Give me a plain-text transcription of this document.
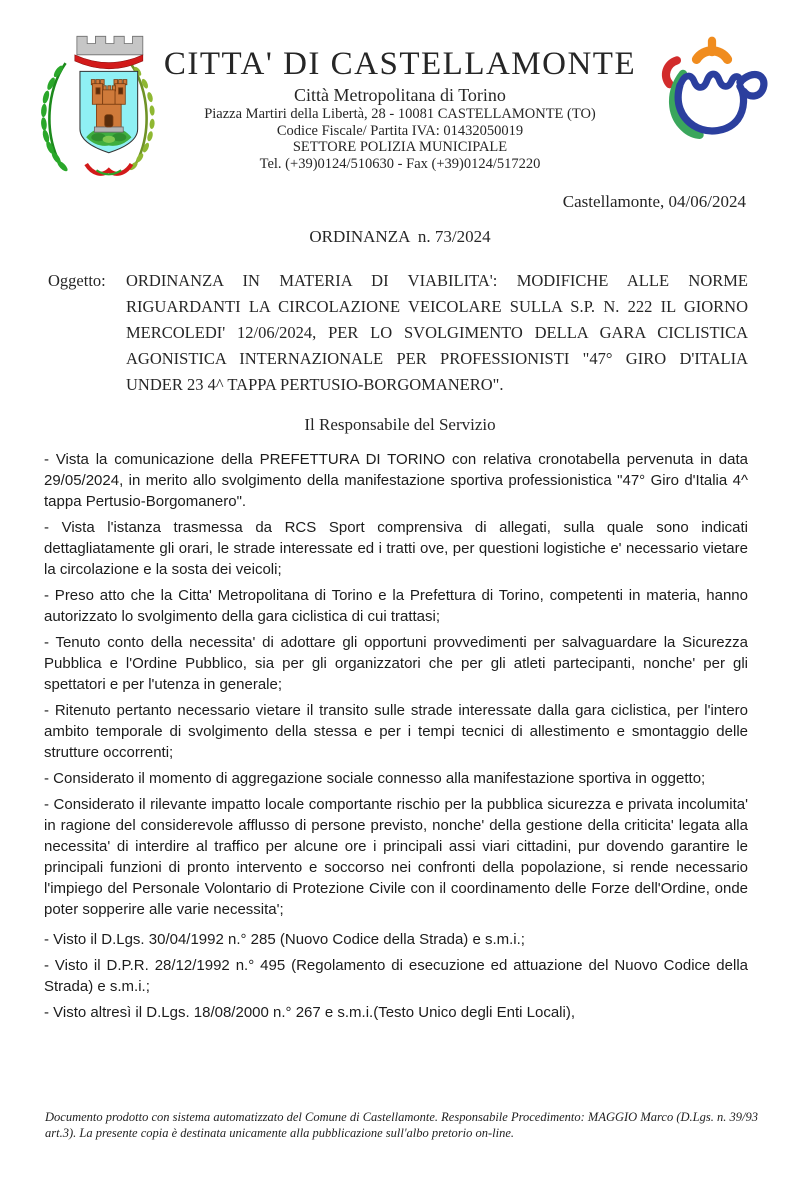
CITTA' DI CASTELLAMONTE
Città Metropolitana di Torino
Piazza Martiri della Libertà, 28 - 10081 CASTELLAMONTE (TO)
Codice Fiscale/ Partita IVA: 01432050019
SETTORE POLIZIA MUNICIPALE
Tel. (+39)0124/510630 - Fax (+39)0124/517220
Castellamonte, 04/06/2024
ORDINANZA  n. 73/2024
Oggetto:	ORDINANZA IN MATERIA DI VIABILITA': MODIFICHE ALLE NORME RIGUARDANTI LA CIRCOLAZIONE VEICOLARE SULLA S.P. N. 222 IL GIORNO MERCOLEDI' 12/06/2024, PER LO SVOLGIMENTO DELLA GARA CICLISTICA AGONISTICA INTERNAZIONALE PER PROFESSIONISTI "47° GIRO D'ITALIA UNDER 23 4^ TAPPA PERTUSIO-BORGOMANERO".
Il Responsabile del Servizio

- Vista la comunicazione della PREFETTURA DI TORINO con relativa cronotabella pervenuta in data 29/05/2024, in merito allo svolgimento della manifestazione sportiva professionistica "47° Giro d'Italia 4^ tappa Pertusio-Borgomanero".

- Vista l'istanza trasmessa da RCS Sport comprensiva di allegati, sulla quale sono indicati dettagliatamente gli orari, le strade interessate ed i tratti ove, per questioni logistiche e' necessario vietare la circolazione e la sosta dei veicoli;

- Preso atto che la Citta' Metropolitana di Torino e la Prefettura di Torino, competenti in materia, hanno autorizzato lo svolgimento della gara ciclistica di cui trattasi;

- Tenuto conto della necessita' di adottare gli opportuni provvedimenti per salvaguardare la Sicurezza Pubblica e l'Ordine Pubblico, sia per gli organizzatori che per gli atleti partecipanti, nonche' per gli spettatori e per l'utenza in generale;

- Ritenuto pertanto necessario vietare il transito sulle strade interessate dalla gara ciclistica, per l'intero ambito temporale di svolgimento della stessa e per i tempi tecnici di allestimento e smontaggio delle strutture occorrenti;

- Considerato il momento di aggregazione sociale connesso alla manifestazione sportiva in oggetto;

- Considerato il rilevante impatto locale comportante rischio per la pubblica sicurezza e privata incolumita' in ragione del considerevole afflusso di persone previsto, nonche' della gestione della criticita' legata alla necessita' di interdire al traffico per alcune ore i principali assi viari cittadini, pur dovendo garantire le principali funzioni di pronto intervento e soccorso nei confronti della popolazione, si rende necessario l'impiego del Personale Volontario di Protezione Civile con il coordinamento delle Forze dell'Ordine, onde poter sopperire alle varie necessita';

- Visto il D.Lgs. 30/04/1992 n.° 285 (Nuovo Codice della Strada) e s.m.i.;

- Visto il D.P.R. 28/12/1992 n.° 495 (Regolamento di esecuzione ed attuazione del Nuovo Codice della Strada) e s.m.i.;

- Visto altresì il D.Lgs. 18/08/2000 n.° 267 e s.m.i.(Testo Unico degli Enti Locali),

Documento prodotto con sistema automatizzato del Comune di Castellamonte. Responsabile Procedimento: MAGGIO Marco (D.Lgs. n. 39/93 art.3). La presente copia è destinata unicamente alla pubblicazione sull'albo pretorio on-line.
